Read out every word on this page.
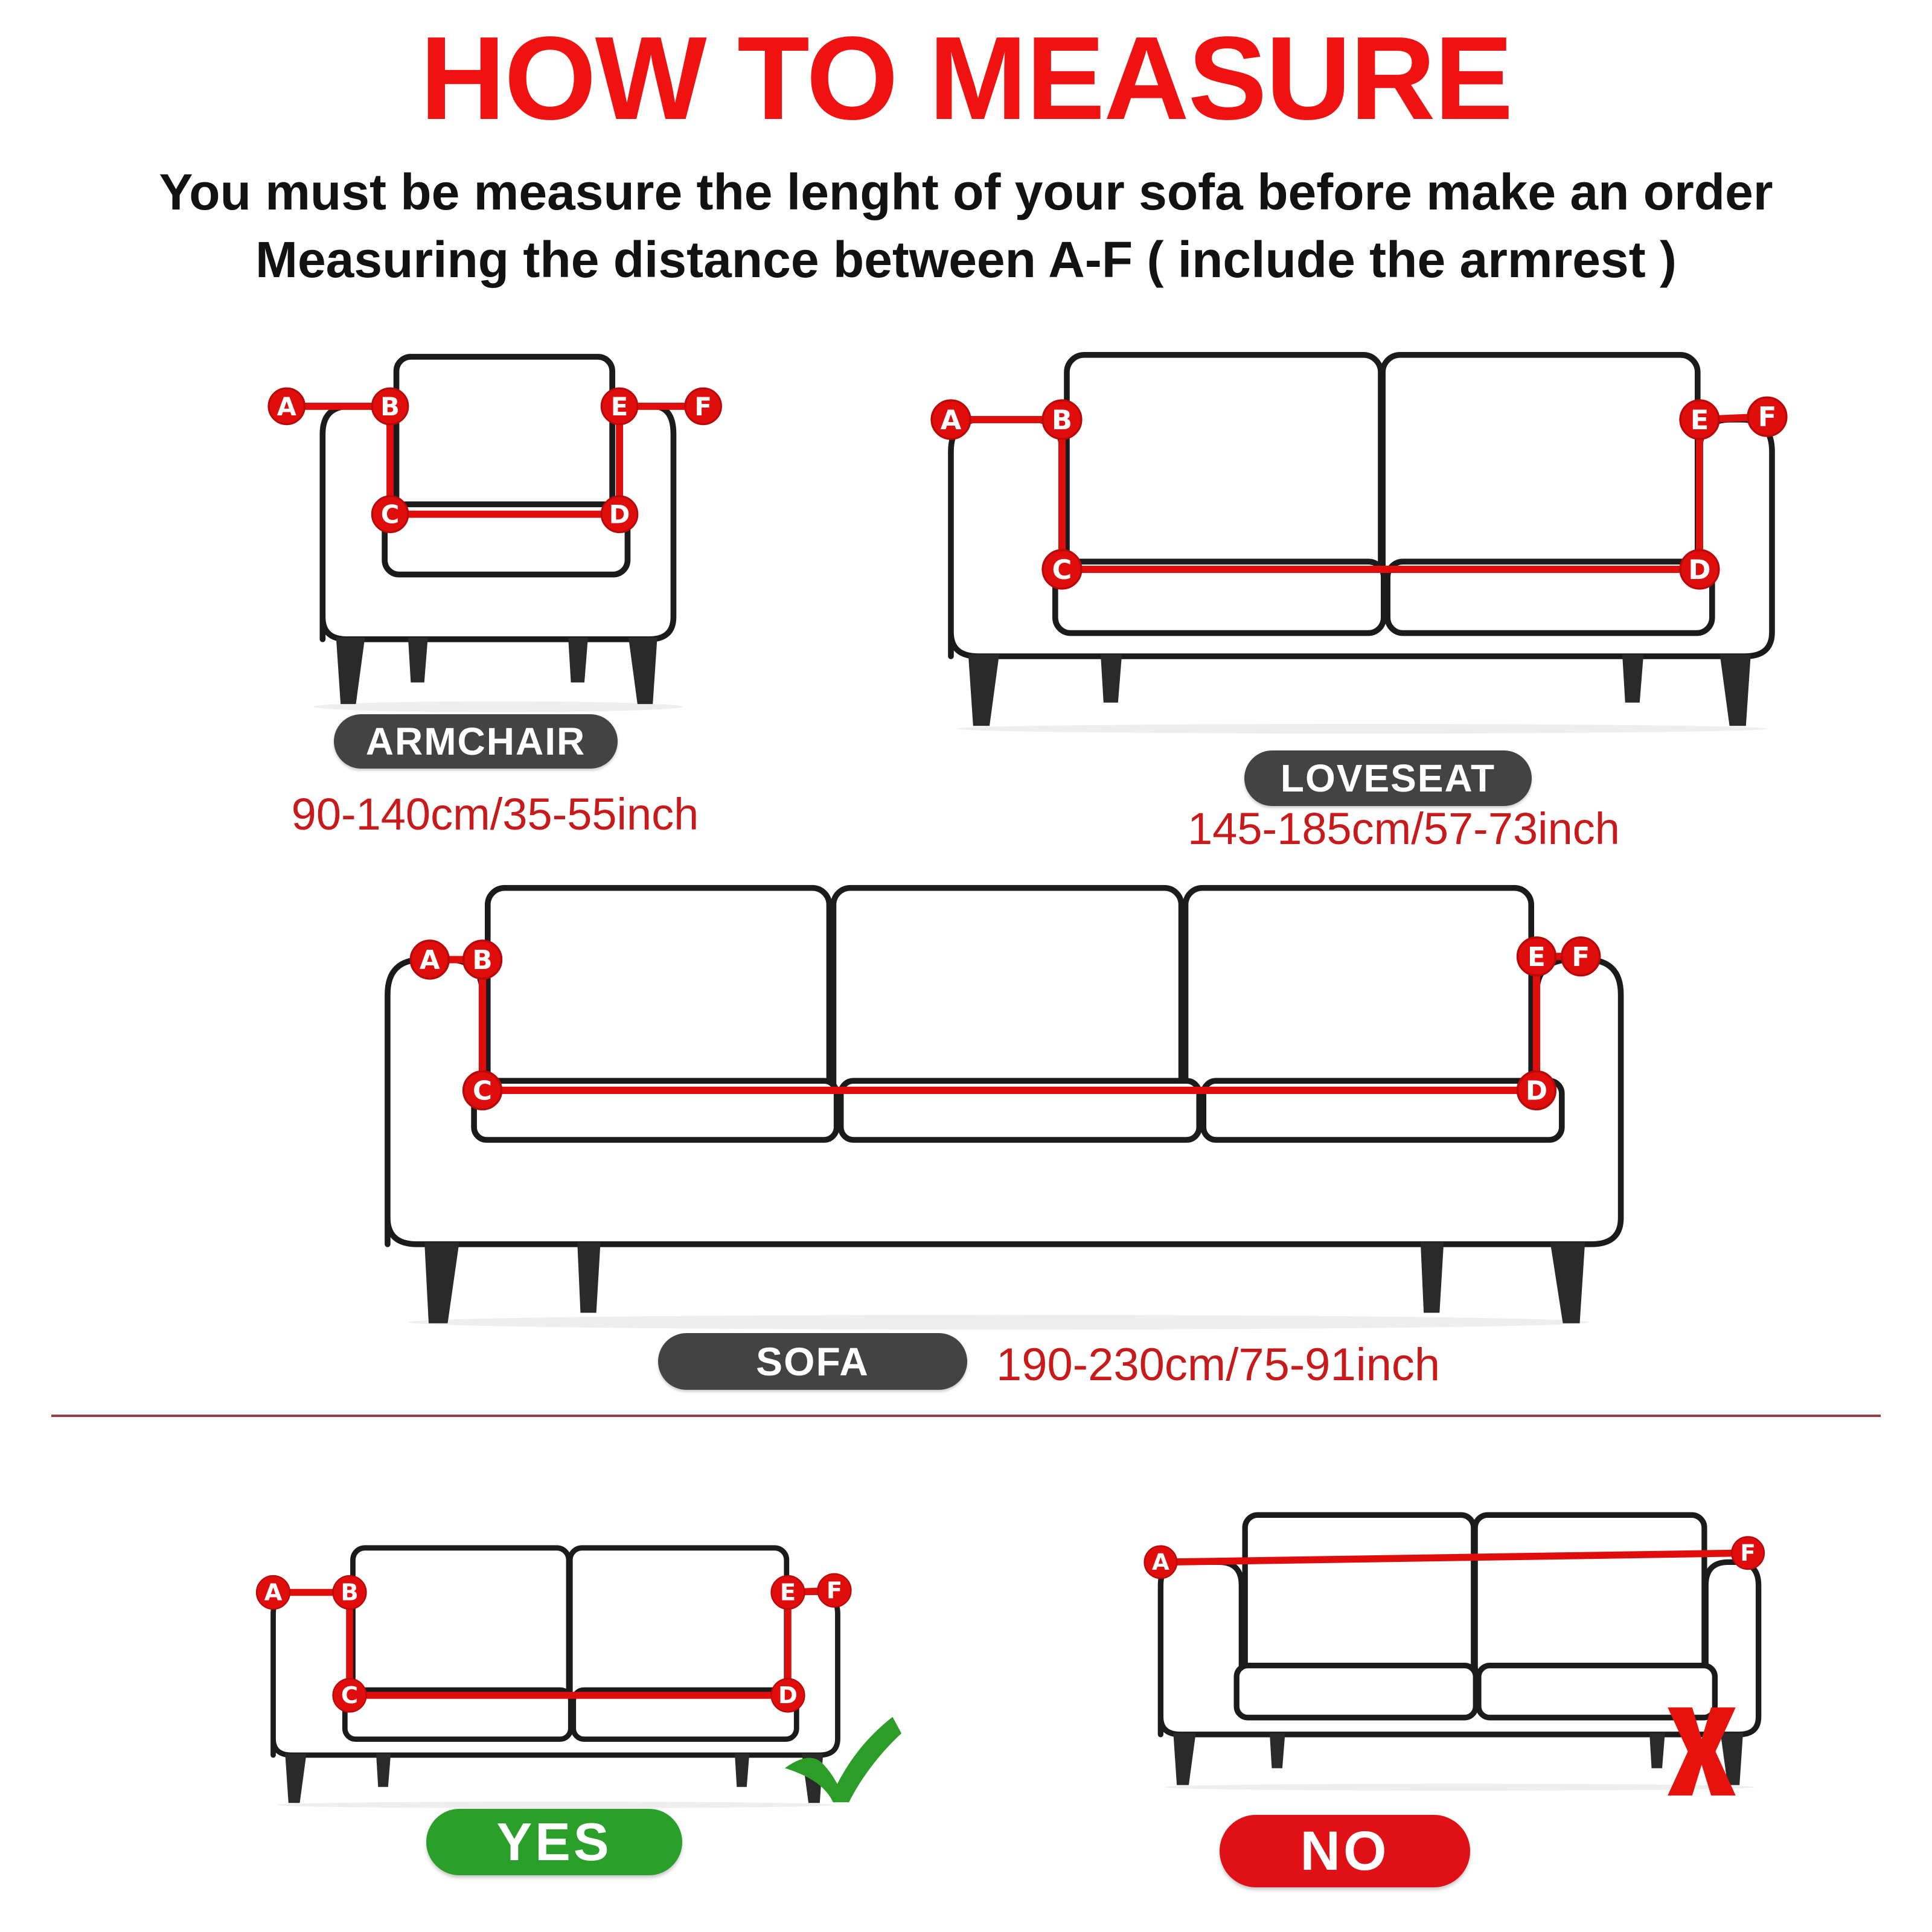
HOW TO MEASURE
You must be measure the lenght of your sofa before make an order
Measuring the distance between A-F ( include the armrest )
A	B
C	D
E	F
ARMCHAIR
90-140cm/35-55inch
A	B
C	D
E	F
LOVESEAT
145-185cm/57-73inch
A B
C	D
E F
SOFA	190-230cm/75-91inch
A	B
C	D
E F
YES
A	F
NO
